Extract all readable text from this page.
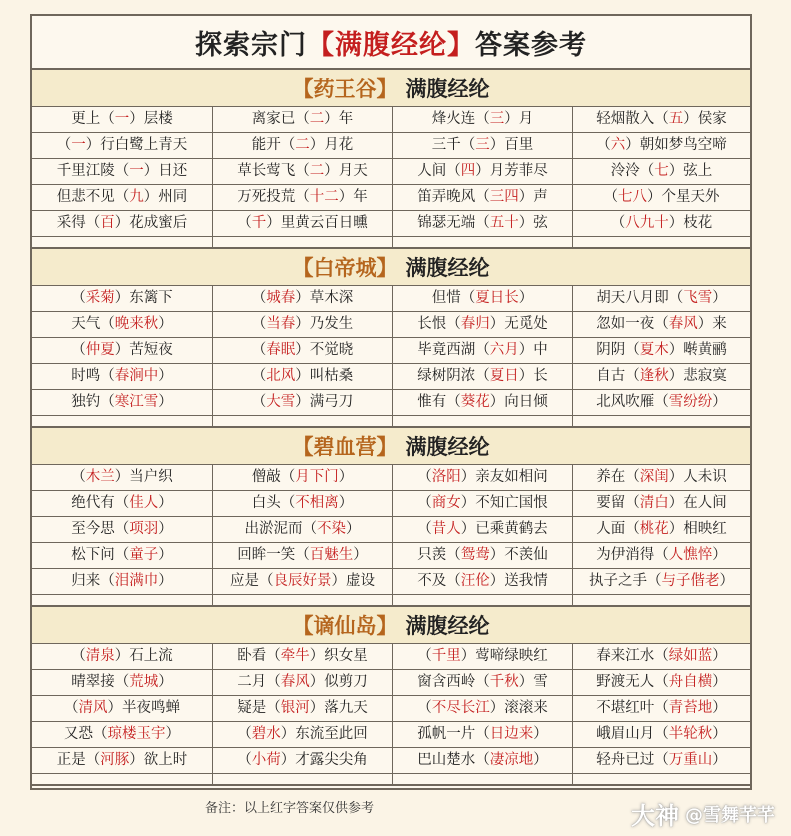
探索宗门 【满腹经纶】 答案参考
【 药王谷 】 满腹经纶
更上（一）层楼	离家已（二）年	烽火连（三）月	轻烟散入（五）侯家
（一）行白鹭上青天	能开（二）月花	三千（三）百里	（六）朝如梦鸟空啼
千里江陵（一）日还	草长莺飞（二）月天	人间（四）月芳菲尽	泠泠（七）弦上
但悲不见（九）州同	万死投荒（十二）年	笛弄晚风（三四）声	（七八）个星天外
采得（百）花成蜜后	（千）里黄云百日曛	锦瑟无端（五十）弦	（八九十）枝花
【 白帝城 】 满腹经纶
（采菊）东篱下	（城春）草木深	但惜（夏日长）	胡天八月即（飞雪）
天气（晚来秋）	（当春）乃发生	长恨（春归）无觅处	忽如一夜（春风）来
（仲夏）苦短夜	（春眠）不觉晓	毕竟西湖（六月）中	阴阴（夏木）啭黄鹂
时鸣（春涧中）	（北风）叫枯桑	绿树阴浓（夏日）长	自古（逢秋）悲寂寞
独钓（寒江雪）	（大雪）满弓刀	惟有（葵花）向日倾	北风吹雁（雪纷纷）
【 碧血营 】 满腹经纶
（木兰）当户织	僧敲（月下门）	（洛阳）亲友如相问	养在（深闺）人未识
绝代有（佳人）	白头（不相离）	（商女）不知亡国恨	要留（清白）在人间
至今思（项羽）	出淤泥而（不染）	（昔人）已乘黄鹤去	人面（桃花）相映红
松下问（童子）	回眸一笑（百魅生）	只羡（鸳鸯）不羡仙	为伊消得（人憔悴）
归来（泪满巾）	应是（良辰好景）虚设	不及（汪伦）送我情	执子之手（与子偕老）
【 谪仙岛 】 满腹经纶
（清泉）石上流	卧看（牵牛）织女星	（千里）莺啼绿映红	春来江水（绿如蓝）
晴翠接（荒城）	二月（春风）似剪刀	窗含西岭（千秋）雪	野渡无人（舟自横）
（清风）半夜鸣蝉	疑是（银河）落九天	（不尽长江）滚滚来	不堪红叶（青苔地）
又恐（琼楼玉宇）	（碧水）东流至此回	孤帆一片（日边来）	峨眉山月（半轮秋）
正是（河豚）欲上时	（小荷）才露尖尖角	巴山楚水（凄凉地）	轻舟已过（万重山）
备注：以上红字答案仅供参考	大神 @雪舞芊芊
